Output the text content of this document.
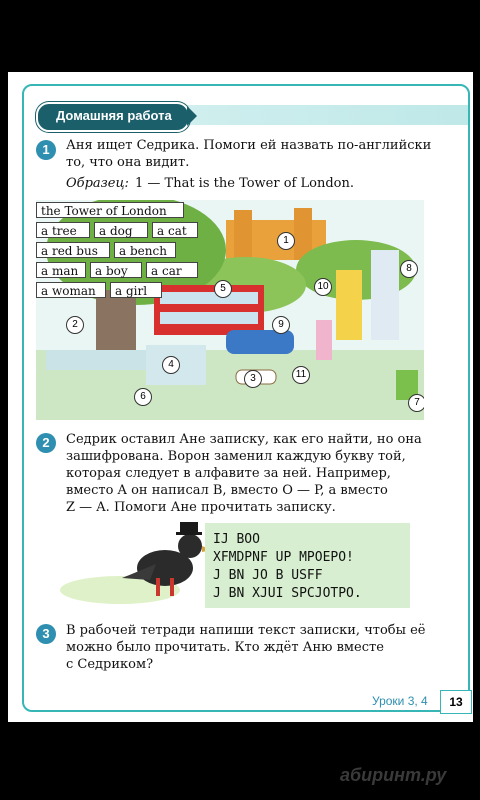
Домашняя работа
1	Аня ищет Седрика. Помоги ей назвать по-английски
то, что она видит.
Образец: 1 — That is the Tower of London.
1
2
3
4
5
6
7
8
9
10
11
the Tower of London
a tree	a dog	a cat
a red bus	a bench
a man	a boy	a car
a woman	a girl
2	Седрик оставил Ане записку, как его найти, но она
зашифрована. Ворон заменил каждую букву той,
которая следует в алфавите за ней. Например,
вместо A он написал B, вместо O — P, а вместо
Z — A. Помоги Ане прочитать записку.
IJ BOO
XFMDPNF UP MPOEPO!
J BN JO B USFF
J BN XJUI SPCJOTPO.
3	В рабочей тетради напиши текст записки, чтобы её
можно было прочитать. Кто ждёт Аню вместе
с Седриком?
Уроки 3, 4	13
абиринт.ру
